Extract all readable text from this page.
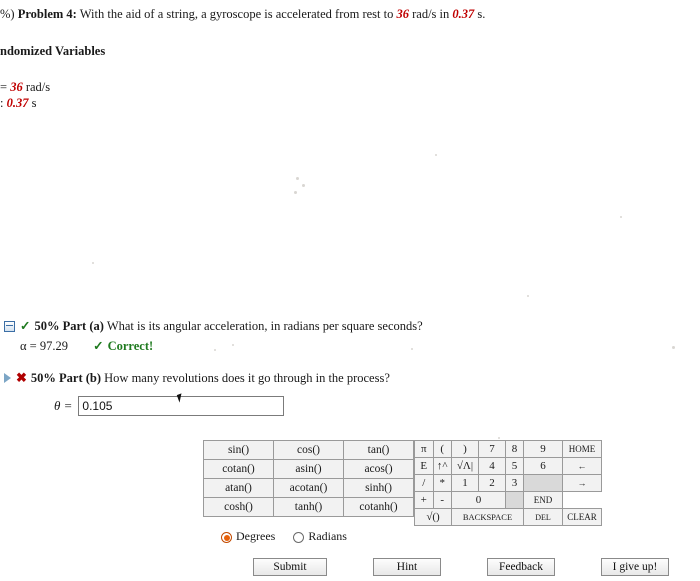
%) Problem 4: With the aid of a string, a gyroscope is accelerated from rest to 36 rad/s in 0.37 s.
ndomized Variables
= 36 rad/s
: 0.37 s
✓ 50% Part (a) What is its angular acceleration, in radians per square seconds?
α = 97.29 ✓ Correct!
✖ 50% Part (b) How many revolutions does it go through in the process?
θ =
0.105
sin()	cos()	tan()
cotan()	asin()	acos()
atan()	acotan()	sinh()
cosh()	tanh()	cotanh()
π	(	)	7	8	9	HOME
E	↑^	√Λ|	4	5	6	←
/	*	1	2	3		→
+	-	0			END	
√()		BACKSPACE			DEL	CLEAR
Degrees	Radians
Submit	Hint	Feedback	I give up!
